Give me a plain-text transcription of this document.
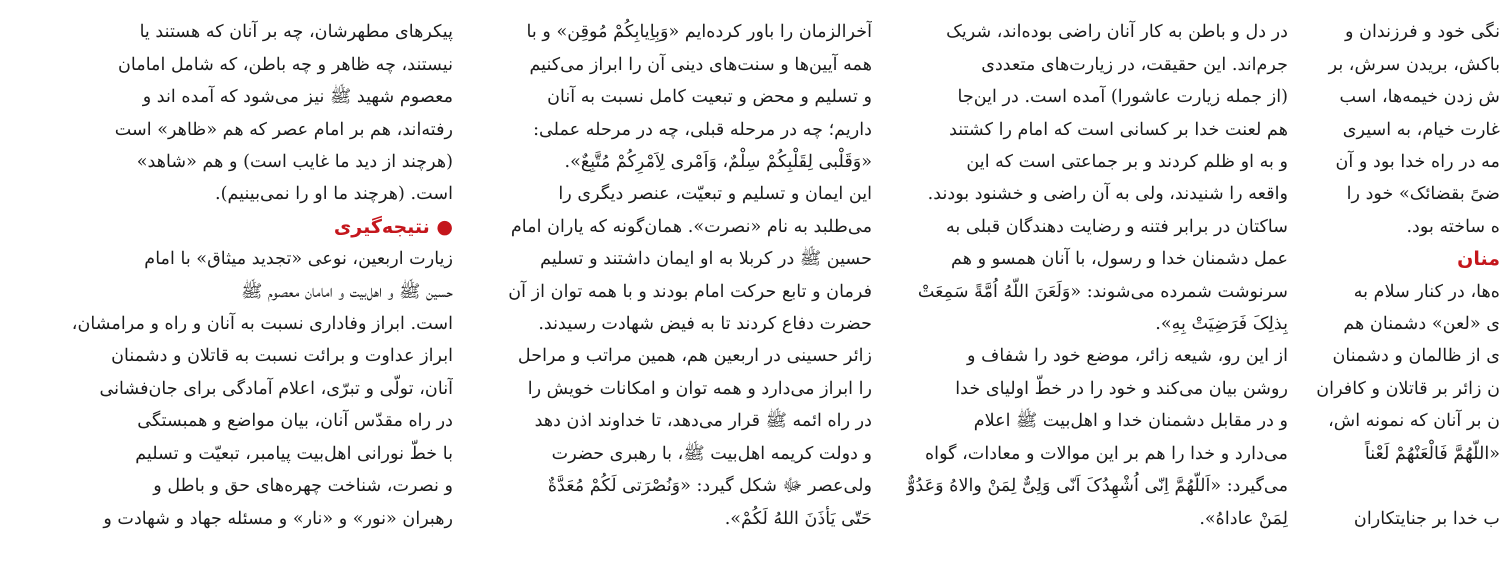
پیکرهای مطهرشان، چه بر آنان که هستند یا
نیستند، چه ظاهر و چه باطن، که شامل امامان
معصوم شهید ﷺ نیز می‌شود که آمده اند و
رفته‌اند، هم بر امام عصر که هم «ظاهر» است
(هرچند از دید ما غایب است) و هم «شاهد»
است. (هرچند ما او را نمی‌بینیم).
● نتیجه‌گیری
زیارت اربعین، نوعی «تجدید میثاق» با امام
حسین ﷺ و اهل‌بیت و امامان معصوم ﷺ
است. ابراز وفاداری نسبت به آنان و راه و مرامشان،
ابراز عداوت و برائت نسبت به قاتلان و دشمنان
آنان، تولّی و تبرّی، اعلام آمادگی برای جان‌فشانی
در راه مقدّس آنان، بیان مواضع و همبستگی
با خطّ نورانی اهل‌بیت پیامبر، تبعیّت و تسلیم
و نصرت، شناخت چهره‌های حق و باطل و
رهبران «نور» و «نار» و مسئله جهاد و شهادت و

آخرالزمان را باور کرده‌ایم «وَبِاِیابِکُمْ مُوقِن» و با
همه آیین‌ها و سنت‌های دینی آن را ابراز می‌کنیم
و تسلیم و محض و تبعیت کامل نسبت به آنان
داریم؛ چه در مرحله قبلی، چه در مرحله عملی:
«وَقَلْبی لِقَلْبِکُمْ سِلْمٌ، وَاَمْری لِاَمْرِکُمْ مُتَّبِعٌ».
این ایمان و تسلیم و تبعیّت، عنصر دیگری را
می‌طلبد به نام «نصرت». همان‌گونه که یاران امام
حسین ﷺ در کربلا به او ایمان داشتند و تسلیم
فرمان و تابع حرکت امام بودند و با همه توان از آن
حضرت دفاع کردند تا به فیض شهادت رسیدند.
زائر حسینی در اربعین هم، همین مراتب و مراحل
را ابراز می‌دارد و همه توان و امکانات خویش را
در راه ائمه ﷺ قرار می‌دهد، تا خداوند اذن دهد
و دولت کریمه اهل‌بیت ﷺ، با رهبری حضرت
ولی‌عصر ﷻ شکل گیرد: «وَنُصْرَتی لَکُمْ مُعَدَّةٌ
حَتّی یَأذَنَ اللهُ لَکُمْ».

در دل و باطن به کار آنان راضی بوده‌اند، شریک
جرم‌اند. این حقیقت، در زیارت‌های متعددی
(از جمله زیارت عاشورا) آمده است. در این‌جا
هم لعنت خدا بر کسانی است که امام را کشتند
و به او ظلم کردند و بر جماعتی است که این
واقعه را شنیدند، ولی به آن راضی و خشنود بودند.
ساکتان در برابر فتنه و رضایت دهندگان قبلی به
عمل دشمنان خدا و رسول، با آنان همسو و هم
سرنوشت شمرده می‌شوند: «وَلَعَنَ اللّهُ اُمَّةً سَمِعَتْ
بِذلِکَ فَرَضِیَتْ بِهِ».
از این رو، شیعه زائر، موضع خود را شفاف و
روشن بیان می‌کند و خود را در خطّ اولیای خدا
و در مقابل دشمنان خدا و اهل‌بیت ﷺ اعلام
می‌دارد و خدا را هم بر این موالات و معادات، گواه
می‌گیرد: «اَللّهُمَّ اِنّی اُشْهِدُکَ اَنّی وَلِیٌّ لِمَنْ والاهُ وَعَدُوٌّ
لِمَنْ عاداهُ».

نگی خود و فرزندان و
باکش، بریدن سرش، بر
ش زدن خیمه‌ها، اسب
غارت خیام، به اسیری
مه در راه خدا بود و آن
ضیً بقضائک» خود را
ه ساخته بود.
منان
ه‌ها، در کنار سلام به
ی «لعن» دشمنان هم
ی از ظالمان و دشمنان
ن زائر بر قاتلان و کافران
ن بر آنان که نمونه اش،
«اللّهُمَّ فَالْعَنْهُمْ لَعْناً

ب خدا بر جنایتکاران
